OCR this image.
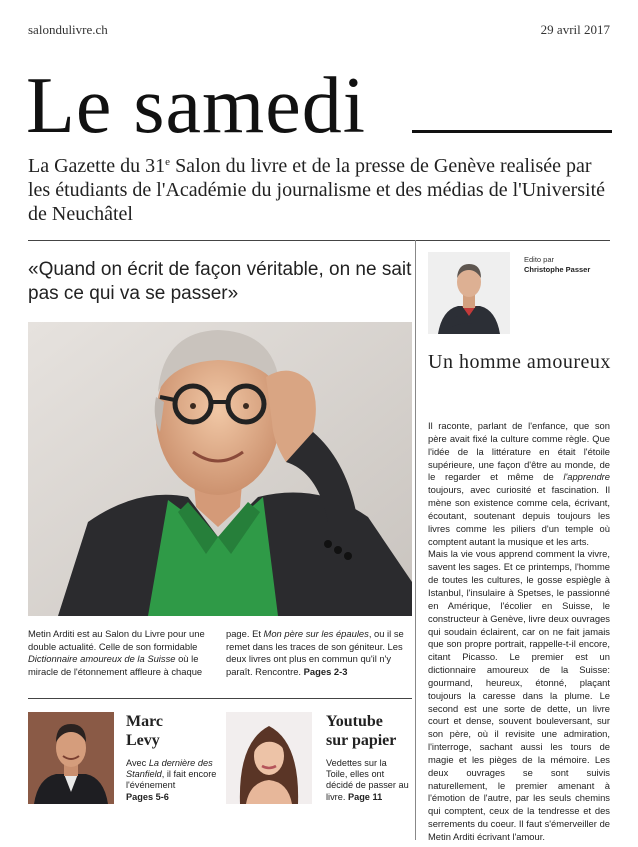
salondulivre.ch	29 avril 2017
Le samedi
La Gazette du 31e Salon du livre et de la presse de Genève realisée par les étudiants de l'Académie du journalisme et des médias de l'Université de Neuchâtel
«Quand on écrit de façon véritable, on ne sait pas ce qui va se passer»
Metin Arditi est au Salon du Livre pour une double actualité. Celle de son formidable Dictionnaire amoureux de la Suisse où le miracle de l'étonnement affleure à chaque
page. Et Mon père sur les épaules, ou il se remet dans les traces de son géniteur. Les deux livres ont plus en commun qu'il n'y paraît. Rencontre. Pages 2-3
Edito par
Christophe Passer
Un homme amoureux

Il raconte, parlant de l'enfance, que son père avait fixé la culture comme règle. Que l'idée de la littérature en était l'étoile supérieure, une façon d'être au monde, de le regarder et même de l'apprendre toujours, avec curiosité et fascination. Il mène son existence comme cela, écrivant, écoutant, soutenant depuis toujours les livres comme les piliers d'un temple où comptent autant la musique et les arts.

Mais la vie vous apprend comment la vivre, savent les sages. Et ce printemps, l'homme de toutes les cultures, le gosse espiègle à Istanbul, l'insulaire à Spetses, le passionné en Amérique, l'écolier en Suisse, le constructeur à Genève, livre deux ouvrages qui soudain éclairent, car on ne fait jamais que son propre portrait, rappelle-t-il encore, citant Picasso. Le premier est un dictionnaire amoureux de la Suisse: gourmand, heureux, étonné, plaçant toujours la caresse dans la plume. Le second est une sorte de dette, un livre court et dense, souvent bouleversant, sur son père, où il revisite une admiration, l'interroge, sachant aussi les tours de magie et les pièges de la mémoire. Les deux ouvrages se sont suivis naturellement, le premier amenant à l'émotion de l'autre, par les seuls chemins qui comptent, ceux de la tendresse et des serrements du coeur. Il faut s'émerveiller de Metin Arditi écrivant l'amour.

Marc
Levy
Avec La dernière des Stanfield, il fait encore l'événement
Pages 5-6
Youtube
sur papier
Vedettes sur la Toile, elles ont décidé de passer au livre. Page 11
